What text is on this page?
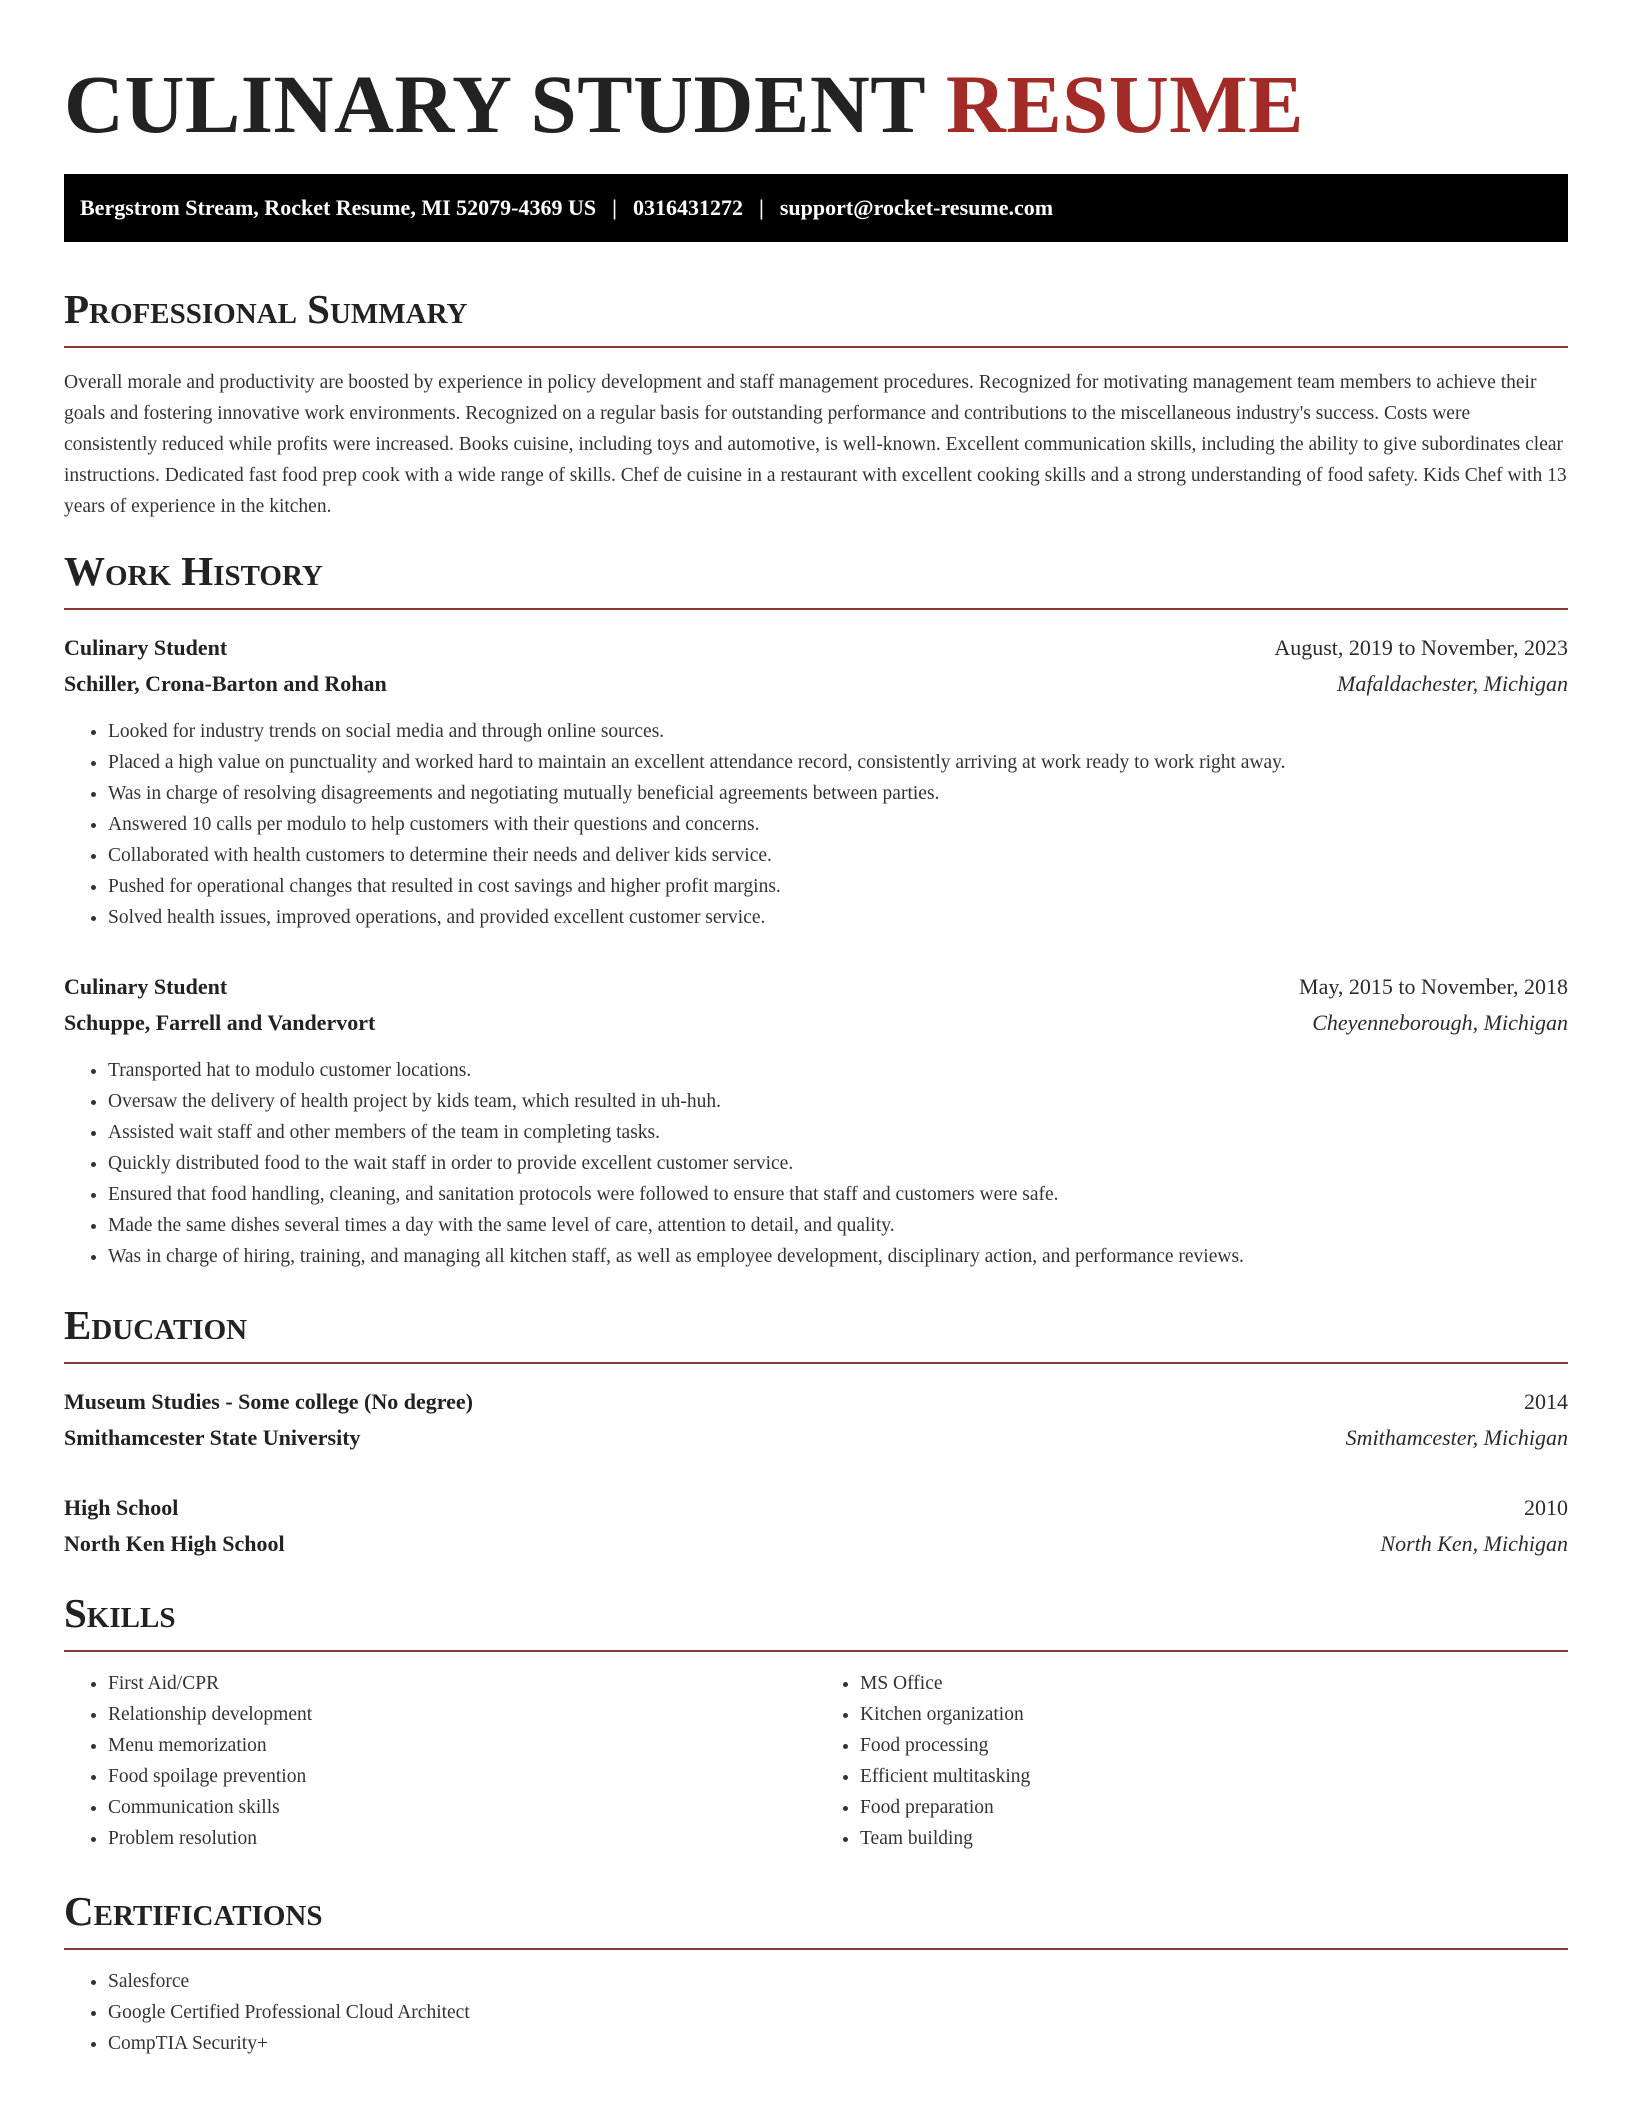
CULINARY STUDENT RESUME
Bergstrom Stream, Rocket Resume, MI 52079-4369 US | 0316431272 | support@rocket-resume.com
Professional Summary

Overall morale and productivity are boosted by experience in policy development and staff management procedures. Recognized for motivating management team members to achieve their goals and fostering innovative work environments. Recognized on a regular basis for outstanding performance and contributions to the miscellaneous industry's success. Costs were consistently reduced while profits were increased. Books cuisine, including toys and automotive, is well-known. Excellent communication skills, including the ability to give subordinates clear instructions. Dedicated fast food prep cook with a wide range of skills. Chef de cuisine in a restaurant with excellent cooking skills and a strong understanding of food safety. Kids Chef with 13 years of experience in the kitchen.

Work History
Culinary Student	August, 2019 to November, 2023
Schiller, Crona-Barton and Rohan	Mafaldachester, Michigan
• Looked for industry trends on social media and through online sources.
• Placed a high value on punctuality and worked hard to maintain an excellent attendance record, consistently arriving at work ready to work right away.
• Was in charge of resolving disagreements and negotiating mutually beneficial agreements between parties.
• Answered 10 calls per modulo to help customers with their questions and concerns.
• Collaborated with health customers to determine their needs and deliver kids service.
• Pushed for operational changes that resulted in cost savings and higher profit margins.
• Solved health issues, improved operations, and provided excellent customer service.
Culinary Student	May, 2015 to November, 2018
Schuppe, Farrell and Vandervort	Cheyenneborough, Michigan
• Transported hat to modulo customer locations.
• Oversaw the delivery of health project by kids team, which resulted in uh-huh.
• Assisted wait staff and other members of the team in completing tasks.
• Quickly distributed food to the wait staff in order to provide excellent customer service.
• Ensured that food handling, cleaning, and sanitation protocols were followed to ensure that staff and customers were safe.
• Made the same dishes several times a day with the same level of care, attention to detail, and quality.
• Was in charge of hiring, training, and managing all kitchen staff, as well as employee development, disciplinary action, and performance reviews.
Education
Museum Studies - Some college (No degree)	2014
Smithamcester State University	Smithamcester, Michigan
High School	2010
North Ken High School	North Ken, Michigan
Skills
• First Aid/CPR
• Relationship development
• Menu memorization
• Food spoilage prevention
• Communication skills
• Problem resolution
• MS Office
• Kitchen organization
• Food processing
• Efficient multitasking
• Food preparation
• Team building
Certifications
• Salesforce
• Google Certified Professional Cloud Architect
• CompTIA Security+
